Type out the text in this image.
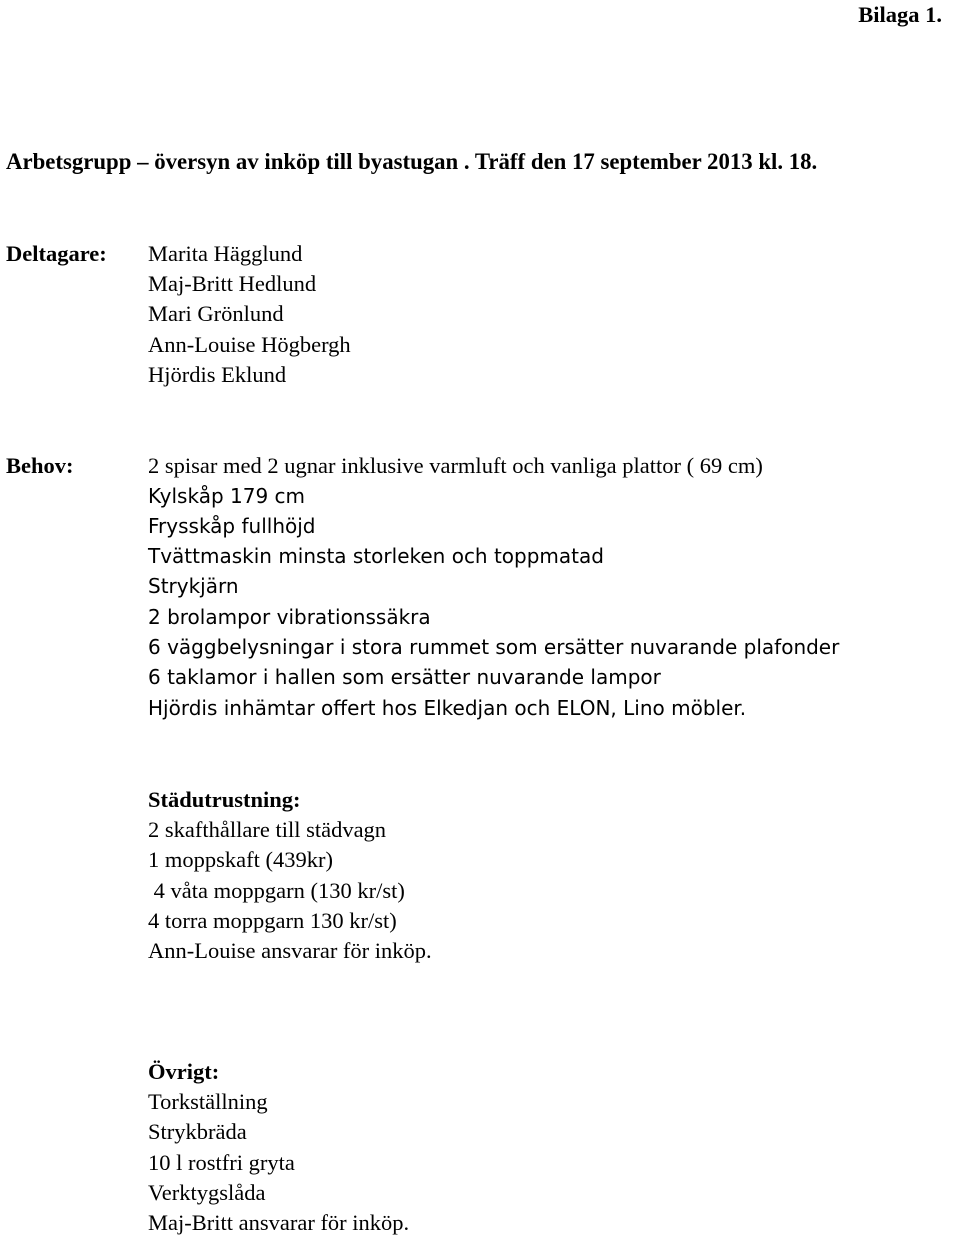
Bilaga 1.
Arbetsgrupp – översyn av inköp till byastugan . Träff den 17 september 2013 kl. 18.
Deltagare: Marita Hägglund
Maj-Britt Hedlund
Mari Grönlund
Ann-Louise Högbergh
Hjördis Eklund
Behov:	2 spisar med 2 ugnar inklusive varmluft och vanliga plattor ( 69 cm)
Kylskåp 179 cm
Frysskåp fullhöjd
Tvättmaskin minsta storleken och toppmatad
Strykjärn
2 brolampor vibrationssäkra
6 väggbelysningar i stora rummet som ersätter nuvarande plafonder
6 taklamor i hallen som ersätter nuvarande lampor
Hjördis inhämtar offert hos Elkedjan och ELON, Lino möbler.
Städutrustning:
2 skafthållare till städvagn
1 moppskaft (439kr)
4 våta moppgarn (130 kr/st)
4 torra moppgarn 130 kr/st)
Ann-Louise ansvarar för inköp.
Övrigt:
Torkställning
Strykbräda
10 l rostfri gryta
Verktygslåda
Maj-Britt ansvarar för inköp.
